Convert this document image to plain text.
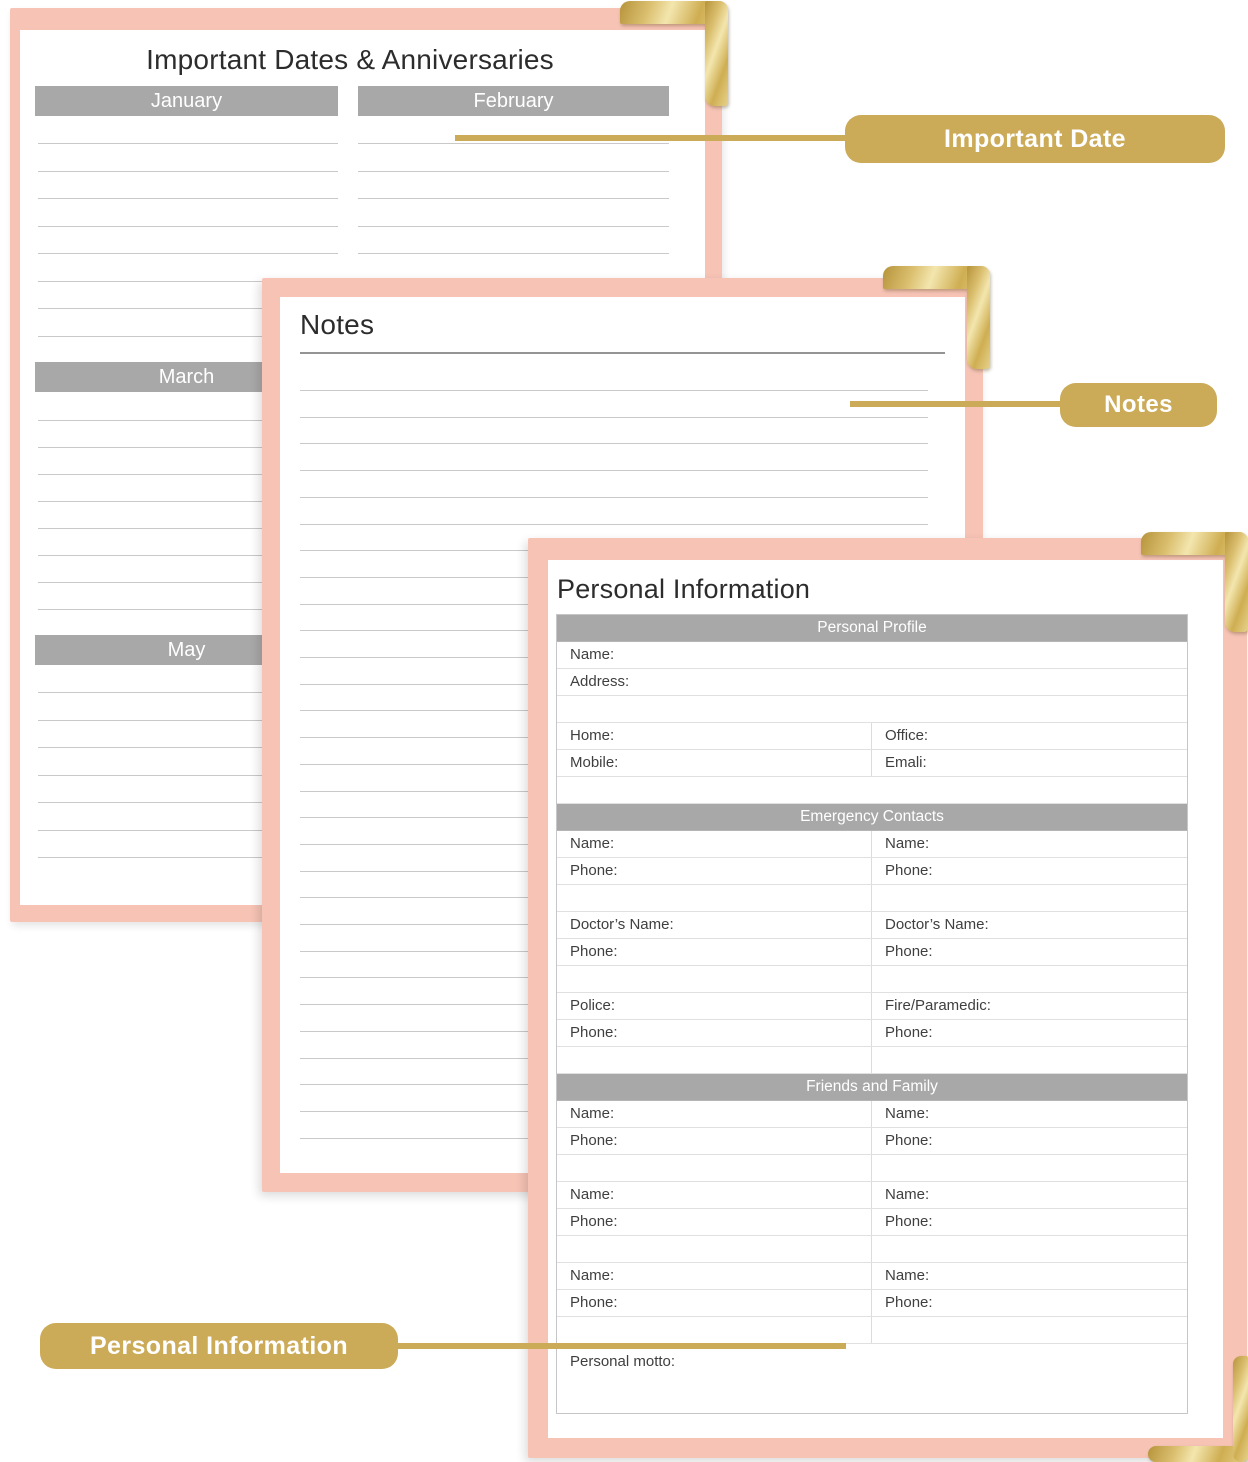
Important Dates & Anniversaries
January	February
March
May
Notes
Personal Information
Personal Profile
Name:
Address:
Home:	Office:
Mobile:	Emali:
Emergency Contacts
Name:	Name:
Phone:	Phone:
Doctor’s Name:	Doctor’s Name:
Phone:	Phone:
Police:	Fire/Paramedic:
Phone:	Phone:
Friends and Family
Name:	Name:
Phone:	Phone:
Name:	Name:
Phone:	Phone:
Name:	Name:
Phone:	Phone:
Personal motto:
Important Date
Notes
Personal Information
